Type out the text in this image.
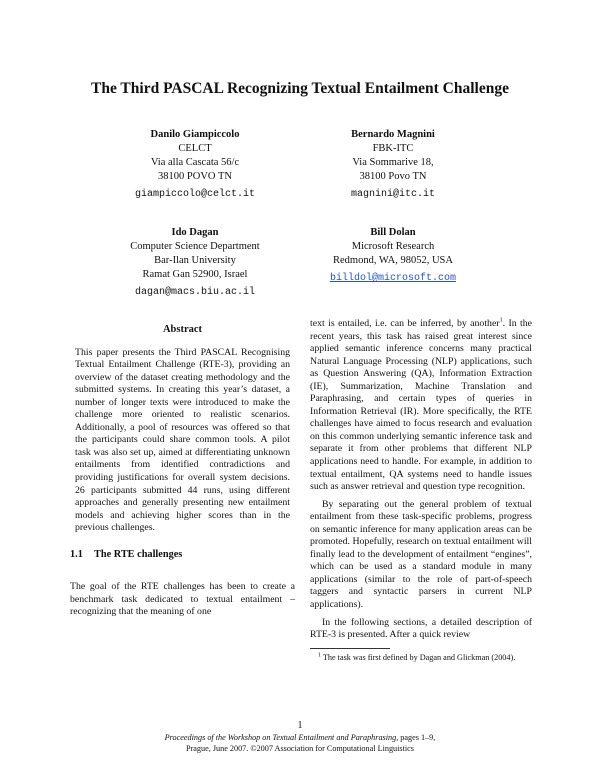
The Third PASCAL Recognizing Textual Entailment Challenge
Danilo Giampiccolo
CELCT
Via alla Cascata 56/c
38100 POVO TN
giampiccolo@celct.it
Bernardo Magnini
FBK-ITC
Via Sommarive 18,
38100 Povo TN
magnini@itc.it
Ido Dagan
Computer Science Department
Bar-Ilan University
Ramat Gan 52900, Israel
dagan@macs.biu.ac.il
Bill Dolan
Microsoft Research
Redmond, WA, 98052, USA
billdol@microsoft.com
Abstract

This paper presents the Third PASCAL Recognising Textual Entailment Challenge (RTE-3), providing an overview of the dataset creating methodology and the submitted systems. In creating this year’s dataset, a number of longer texts were introduced to make the challenge more oriented to realistic scenarios. Additionally, a pool of resources was offered so that the participants could share common tools. A pilot task was also set up, aimed at differentiating unknown entailments from identified contradictions and providing justifications for overall system decisions. 26 participants submitted 44 runs, using different approaches and generally presenting new entailment models and achieving higher scores than in the previous challenges.

1.1 The RTE challenges

The goal of the RTE challenges has been to create a benchmark task dedicated to textual entailment – recognizing that the meaning of one

text is entailed, i.e. can be inferred, by another$^1$. In the recent years, this task has raised great interest since applied semantic inference concerns many practical Natural Language Processing (NLP) applications, such as Question Answering (QA), Information Extraction (IE), Summarization, Machine Translation and Paraphrasing, and certain types of queries in Information Retrieval (IR). More specifically, the RTE challenges have aimed to focus research and evaluation on this common underlying semantic inference task and separate it from other problems that different NLP applications need to handle. For example, in addition to textual entailment, QA systems need to handle issues such as answer retrieval and question type recognition.

By separating out the general problem of textual entailment from these task-specific problems, progress on semantic inference for many application areas can be promoted. Hopefully, research on textual entailment will finally lead to the development of entailment “engines”, which can be used as a standard module in many applications (similar to the role of part-of-speech taggers and syntactic parsers in current NLP applications).

In the following sections, a detailed description of RTE-3 is presented. After a quick review

$^1$ The task was first defined by Dagan and Glickman (2004).

1
Proceedings of the Workshop on Textual Entailment and Paraphrasing, pages 1–9,
Prague, June 2007. ©2007 Association for Computational Linguistics
